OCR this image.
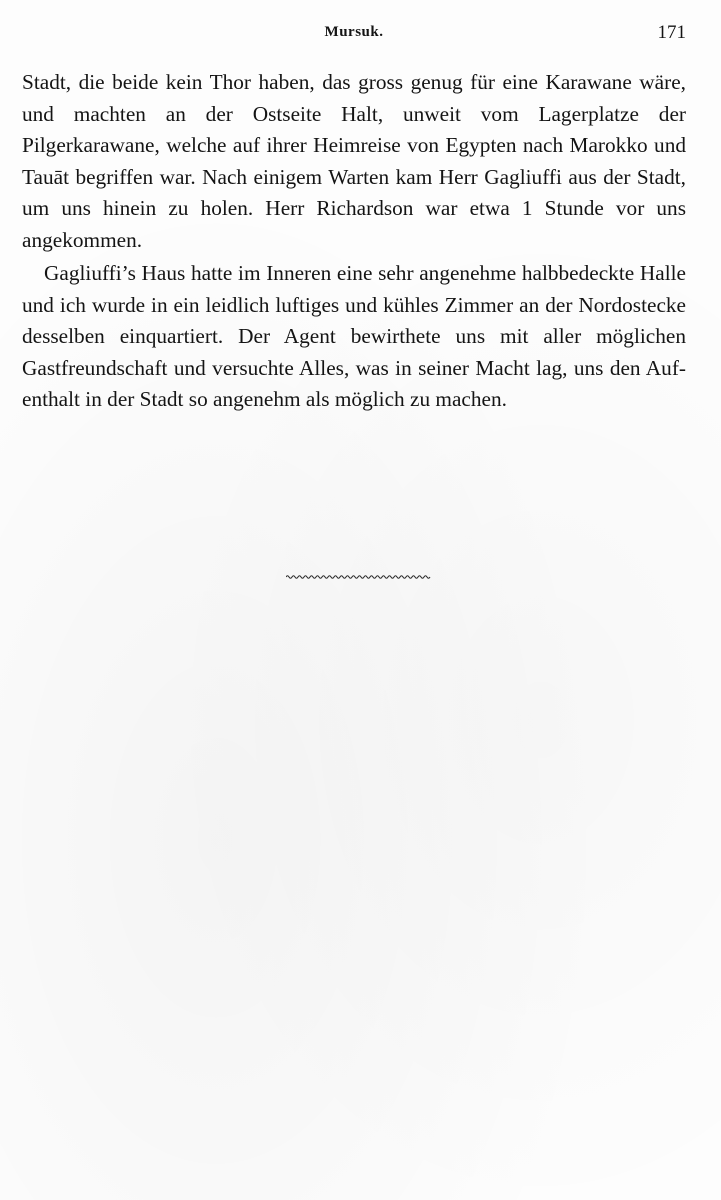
Mursuk.	171

Stadt, die beide kein Thor haben, das gross genug für eine Karawane wäre, und machten an der Ostseite Halt, unweit vom Lagerplatze der Pilgerkarawane, welche auf ihrer Heimreise von Egypten nach Marokko und Tauāt begriffen war. Nach einigem Warten kam Herr Gagliuffi aus der Stadt, um uns hinein zu holen. Herr Richardson war etwa 1 Stunde vor uns angekommen.

Gagliuffi’s Haus hatte im Inneren eine sehr angenehme halbbedeckte Halle und ich wurde in ein leidlich luftiges und kühles Zimmer an der Nordostecke desselben einquartiert. Der Agent bewirthete uns mit aller möglichen Gastfreundschaft und versuchte Alles, was in seiner Macht lag, uns den Aufenthalt in der Stadt so angenehm als möglich zu machen.
